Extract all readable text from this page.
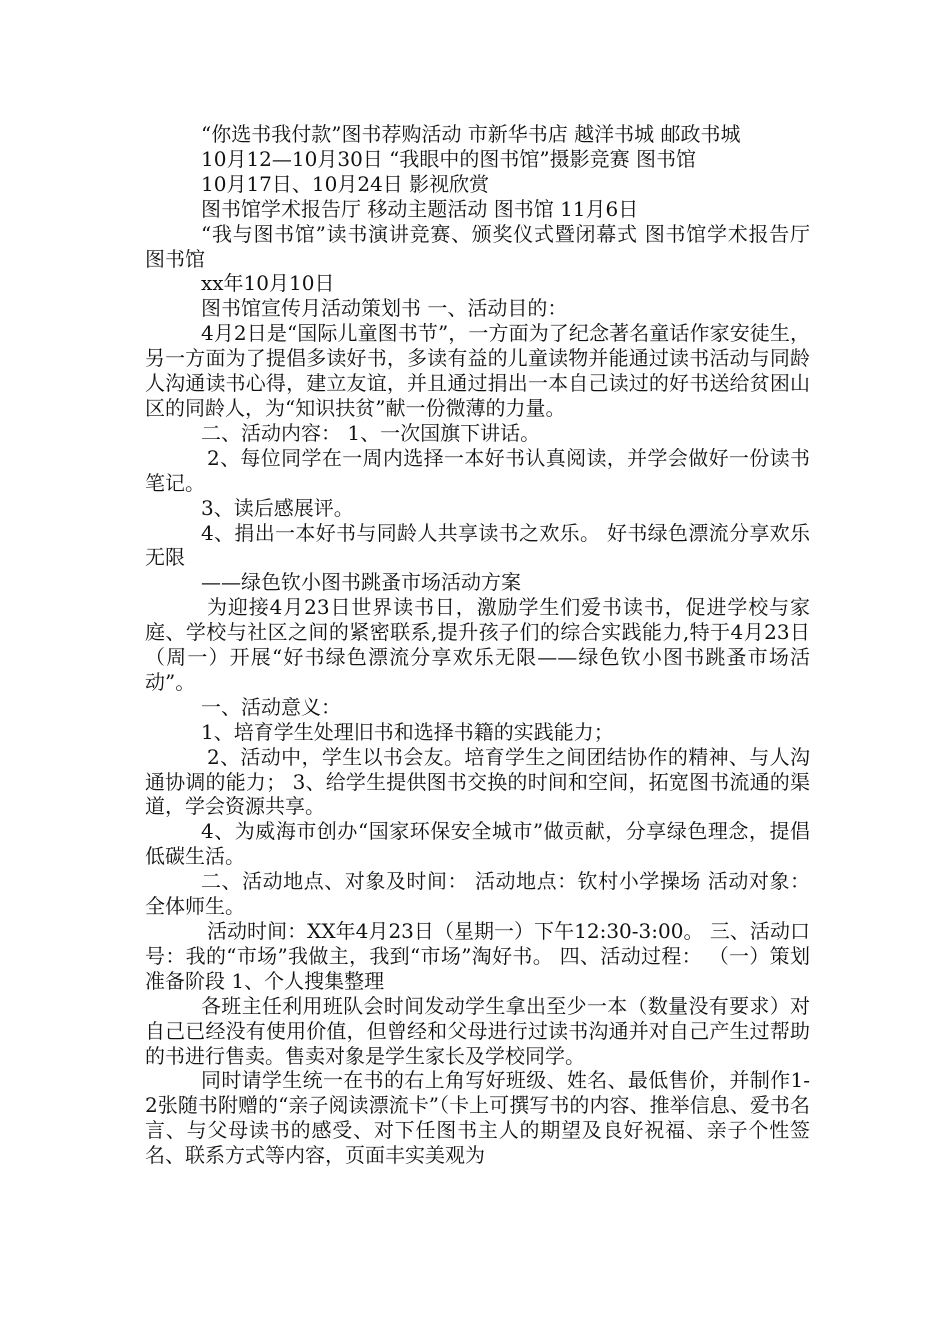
“你选书我付款”图书荐购活动 市新华书店 越洋书城 邮政书城

10月12—10月30日 “我眼中的图书馆”摄影竞赛 图书馆

10月17日、10月24日 影视欣赏

图书馆学术报告厅 移动主题活动 图书馆 11月6日

“我与图书馆”读书演讲竞赛、颁奖仪式暨闭幕式 图书馆学术报告厅 图书馆

xx年10月10日

图书馆宣传月活动策划书 一、活动目的：

4月2日是“国际儿童图书节”，一方面为了纪念著名童话作家安徒生，另一方面为了提倡多读好书，多读有益的儿童读物并能通过读书活动与同龄人沟通读书心得，建立友谊，并且通过捐出一本自己读过的好书送给贫困山区的同龄人，为“知识扶贫”献一份微薄的力量。

二、活动内容： 1、一次国旗下讲话。

2、每位同学在一周内选择一本好书认真阅读，并学会做好一份读书笔记。

3、读后感展评。

4、捐出一本好书与同龄人共享读书之欢乐。 好书绿色漂流分享欢乐无限

——绿色钦小图书跳蚤市场活动方案

为迎接4月23日世界读书日，激励学生们爱书读书，促进学校与家庭、学校与社区之间的紧密联系,提升孩子们的综合实践能力,特于4月23日（周一）开展“好书绿色漂流分享欢乐无限——绿色钦小图书跳蚤市场活动”。

一、活动意义：

1、培育学生处理旧书和选择书籍的实践能力；

2、活动中，学生以书会友。培育学生之间团结协作的精神、与人沟通协调的能力； 3、给学生提供图书交换的时间和空间，拓宽图书流通的渠道，学会资源共享。

4、为威海市创办“国家环保安全城市”做贡献，分享绿色理念，提倡低碳生活。

二、活动地点、对象及时间： 活动地点：钦村小学操场 活动对象：全体师生。

活动时间：XX年4月23日（星期一）下午12:30-3:00。 三、活动口号：我的“市场”我做主，我到“市场”淘好书。 四、活动过程： （一）策划准备阶段 1、个人搜集整理

各班主任利用班队会时间发动学生拿出至少一本（数量没有要求）对自己已经没有使用价值，但曾经和父母进行过读书沟通并对自己产生过帮助的书进行售卖。售卖对象是学生家长及学校同学。

同时请学生统一在书的右上角写好班级、姓名、最低售价，并制作1-2张随书附赠的“亲子阅读漂流卡”（卡上可撰写书的内容、推举信息、爱书名言、与父母读书的感受、对下任图书主人的期望及良好祝福、亲子个性签名、联系方式等内容，页面丰实美观为
